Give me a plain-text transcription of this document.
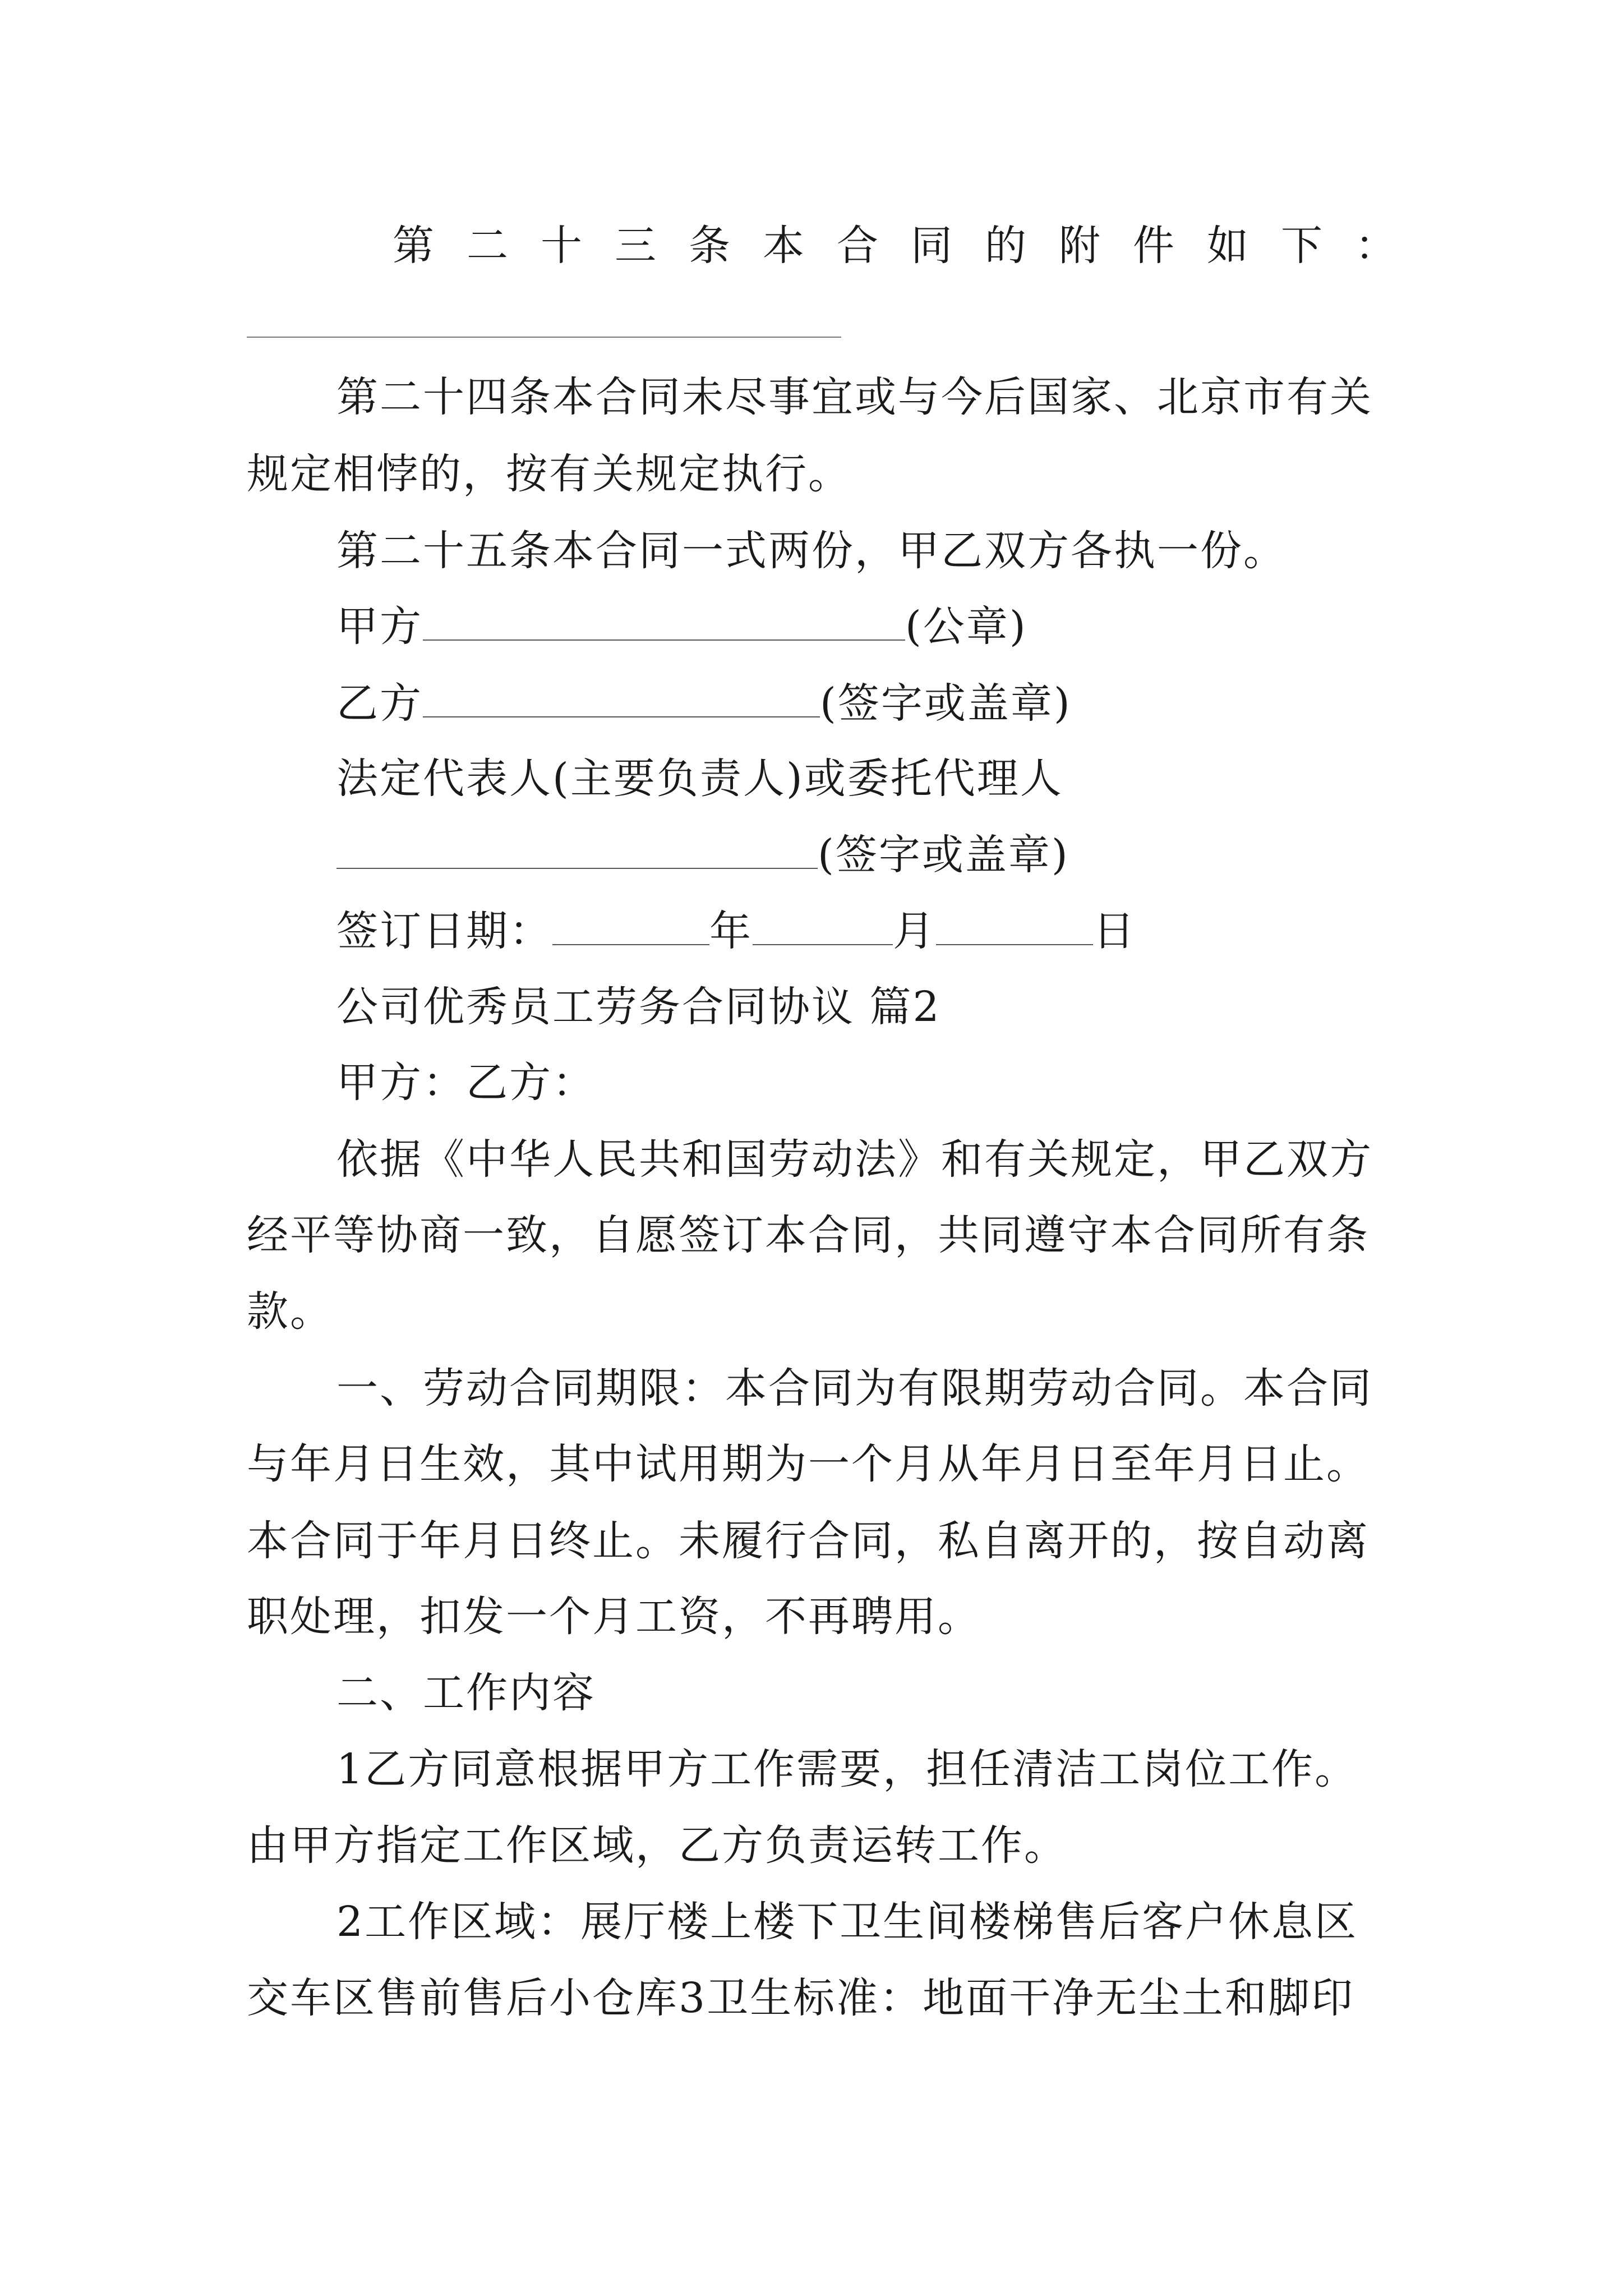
第二十三条本合同的附件如下：
第二十四条本合同未尽事宜或与今后国家、北京市有关
规定相悖的，按有关规定执行。
第二十五条本合同一式两份，甲乙双方各执一份。
甲方	(公章)
乙方	(签字或盖章)
法定代表人(主要负责人)或委托代理人
(签字或盖章)
签订日期：	年	月	日
公司优秀员工劳务合同协议 篇2
甲方：乙方：
依据《中华人民共和国劳动法》和有关规定，甲乙双方
经平等协商一致，自愿签订本合同，共同遵守本合同所有条
款。
一、劳动合同期限：本合同为有限期劳动合同。本合同
与年月日生效，其中试用期为一个月从年月日至年月日止。
本合同于年月日终止。未履行合同，私自离开的，按自动离
职处理，扣发一个月工资，不再聘用。
二、工作内容
1乙方同意根据甲方工作需要，担任清洁工岗位工作。
由甲方指定工作区域，乙方负责运转工作。
2工作区域：展厅楼上楼下卫生间楼梯售后客户休息区
交车区售前售后小仓库3卫生标准：地面干净无尘土和脚印
